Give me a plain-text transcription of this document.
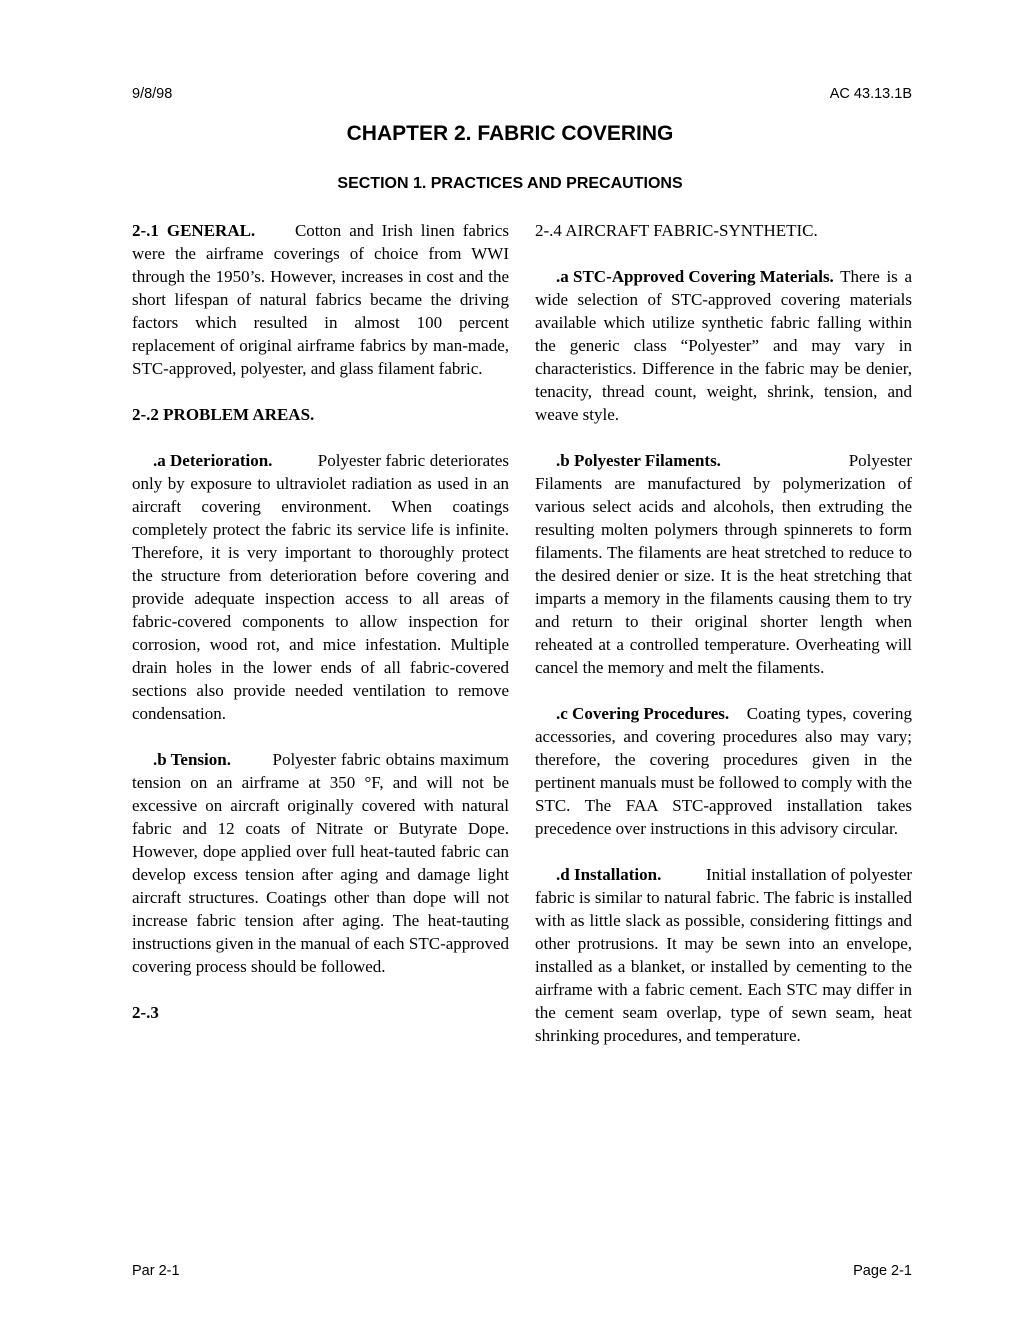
9/8/98	AC 43.13.1B
CHAPTER 2. FABRIC COVERING
SECTION 1. PRACTICES AND PRECAUTIONS

2-.1 GENERAL. Cotton and Irish linen fabrics were the airframe coverings of choice from WWI through the 1950’s. However, increases in cost and the short lifespan of natural fabrics became the driving factors which resulted in almost 100 percent replacement of original airframe fabrics by man-made, STC-approved, polyester, and glass filament fabric.

2-.2 PROBLEM AREAS.

.a Deterioration.	Polyester fabric deteriorates only by exposure to ultraviolet radiation as used in an aircraft covering environment. When coatings completely protect the fabric its service life is infinite. Therefore, it is very important to thoroughly protect the structure from deterioration before covering and provide adequate inspection access to all areas of fabric-covered components to allow inspection for corrosion, wood rot, and mice infestation. Multiple drain holes in the lower ends of all fabric-covered sections also provide needed ventilation to remove condensation.

.b Tension. Polyester fabric obtains maximum tension on an airframe at 350 °F, and will not be excessive on aircraft originally covered with natural fabric and 12 coats of Nitrate or Butyrate Dope. However, dope applied over full heat-tauted fabric can develop excess tension after aging and damage light aircraft structures. Coatings other than dope will not increase fabric tension after aging. The heat-tauting instructions given in the manual of each STC-approved covering process should be followed.

2-.3

2-.4 AIRCRAFT FABRIC-SYNTHETIC.

.a STC-Approved Covering Materials. There is a wide selection of STC-approved covering materials available which utilize synthetic fabric falling within the generic class “Polyester” and may vary in characteristics. Difference in the fabric may be denier, tenacity, thread count, weight, shrink, tension, and weave style.

.b Polyester Filaments.	Polyester Filaments are manufactured by polymerization of various select acids and alcohols, then extruding the resulting molten polymers through spinnerets to form filaments. The filaments are heat stretched to reduce to the desired denier or size. It is the heat stretching that imparts a memory in the filaments causing them to try and return to their original shorter length when reheated at a controlled temperature. Overheating will cancel the memory and melt the filaments.

.c Covering Procedures. Coating types, covering accessories, and covering procedures also may vary; therefore, the covering procedures given in the pertinent manuals must be followed to comply with the STC. The FAA STC-approved installation takes precedence over instructions in this advisory circular.

.d Installation.	Initial installation of polyester fabric is similar to natural fabric. The fabric is installed with as little slack as possible, considering fittings and other protrusions. It may be sewn into an envelope, installed as a blanket, or installed by cementing to the airframe with a fabric cement. Each STC may differ in the cement seam overlap, type of sewn seam, heat shrinking procedures, and temperature.

Par 2-1	Page 2-1
